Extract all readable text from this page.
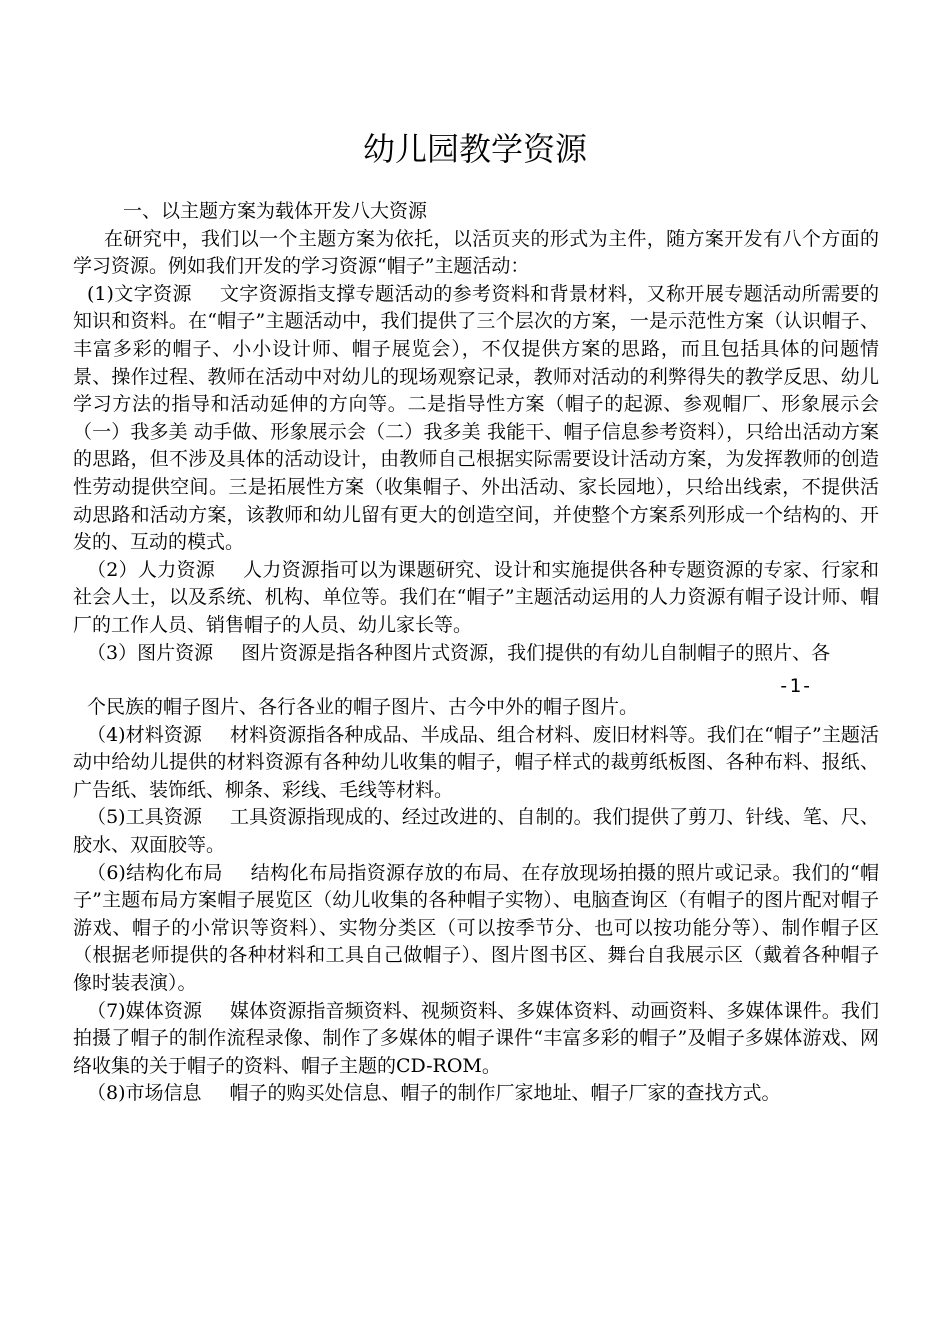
幼儿园教学资源

一、以主题方案为载体开发八大资源

在研究中，我们以一个主题方案为依托，以活页夹的形式为主件，随方案开发有八个方面的学习资源。例如我们开发的学习资源“帽子”主题活动：

(1)文字资源 文字资源指支撑专题活动的参考资料和背景材料，又称开展专题活动所需要的知识和资料。在“帽子”主题活动中，我们提供了三个层次的方案，一是示范性方案（认识帽子、丰富多彩的帽子、小小设计师、帽子展览会），不仅提供方案的思路，而且包括具体的问题情景、操作过程、教师在活动中对幼儿的现场观察记录，教师对活动的利弊得失的教学反思、幼儿学习方法的指导和活动延伸的方向等。二是指导性方案（帽子的起源、参观帽厂、形象展示会（一）我多美 动手做、形象展示会（二）我多美 我能干、帽子信息参考资料），只给出活动方案的思路，但不涉及具体的活动设计，由教师自己根据实际需要设计活动方案，为发挥教师的创造性劳动提供空间。三是拓展性方案（收集帽子、外出活动、家长园地），只给出线索，不提供活动思路和活动方案，该教师和幼儿留有更大的创造空间，并使整个方案系列形成一个结构的、开发的、互动的模式。

（2）人力资源 人力资源指可以为课题研究、设计和实施提供各种专题资源的专家、行家和社会人士，以及系统、机构、单位等。我们在“帽子”主题活动运用的人力资源有帽子设计师、帽厂的工作人员、销售帽子的人员、幼儿家长等。

（3）图片资源 图片资源是指各种图片式资源，我们提供的有幼儿自制帽子的照片、各

-1-

个民族的帽子图片、各行各业的帽子图片、古今中外的帽子图片。

（4)材料资源 材料资源指各种成品、半成品、组合材料、废旧材料等。我们在“帽子”主题活动中给幼儿提供的材料资源有各种幼儿收集的帽子，帽子样式的裁剪纸板图、各种布料、报纸、广告纸、装饰纸、柳条、彩线、毛线等材料。

（5)工具资源 工具资源指现成的、经过改进的、自制的。我们提供了剪刀、针线、笔、尺、胶水、双面胶等。

（6)结构化布局 结构化布局指资源存放的布局、在存放现场拍摄的照片或记录。我们的“帽子”主题布局方案帽子展览区（幼儿收集的各种帽子实物）、电脑查询区（有帽子的图片配对帽子游戏、帽子的小常识等资料）、实物分类区（可以按季节分、也可以按功能分等）、制作帽子区（根据老师提供的各种材料和工具自己做帽子）、图片图书区、舞台自我展示区（戴着各种帽子像时装表演）。

（7)媒体资源 媒体资源指音频资料、视频资料、多媒体资料、动画资料、多媒体课件。我们拍摄了帽子的制作流程录像、制作了多媒体的帽子课件“丰富多彩的帽子”及帽子多媒体游戏、网络收集的关于帽子的资料、帽子主题的CD-ROM。

（8)市场信息 帽子的购买处信息、帽子的制作厂家地址、帽子厂家的查找方式。
